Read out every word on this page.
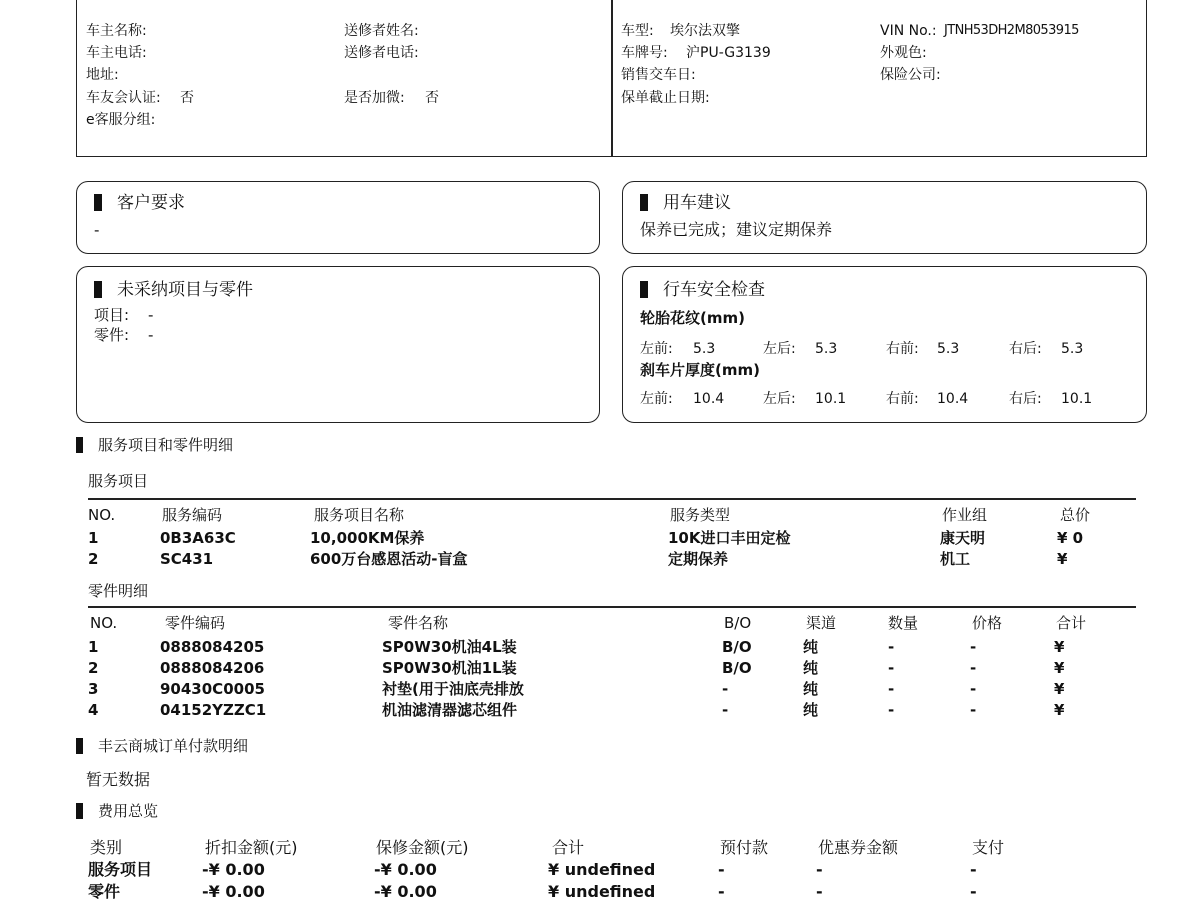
车主名称:
车主电话:
地址:
车友会认证: 否
e客服分组:
送修者姓名:
送修者电话:
是否加微: 否
车型: 埃尔法双擎
车牌号: 沪PU-G3139
销售交车日:
保单截止日期:
VIN No.: JTNH53DH2M8053915
外观色:
保险公司:
客户要求
-
用车建议
保养已完成；建议定期保养
未采纳项目与零件
项目: -
零件: -
行车安全检查
轮胎花纹(mm)
左前: 5.3	左后: 5.3	右前: 5.3	右后: 5.3
刹车片厚度(mm)
左前: 10.4	左后: 10.1	右前: 10.4	右后: 10.1
服务项目和零件明细
服务项目
NO.	服务编码	服务项目名称	服务类型	作业组	总价
1	0B3A63C	10,000KM保养	10K进口丰田定检	康天明	¥ 0
2	SC431	600万台感恩活动-盲盒	定期保养	机工	¥
零件明细
NO.	零件编码	零件名称	B/O	渠道	数量	价格	合计
1	0888084205	SP0W30机油4L装	B/O	纯	-	-	¥
2	0888084206	SP0W30机油1L装	B/O	纯	-	-	¥
3	90430C0005	衬垫(用于油底壳排放	-	纯	-	-	¥
4	04152YZZC1	机油滤清器滤芯组件	-	纯	-	-	¥
丰云商城订单付款明细
暂无数据
费用总览
类别	折扣金额(元)	保修金额(元)	合计	预付款	优惠券金额	支付
服务项目	-¥ 0.00	-¥ 0.00	¥ undefined	-	-	-
零件	-¥ 0.00	-¥ 0.00	¥ undefined	-	-	-
